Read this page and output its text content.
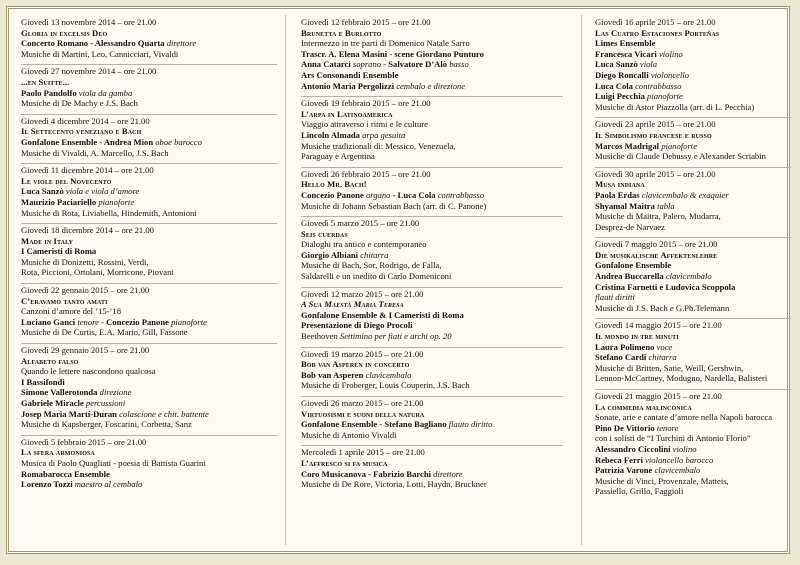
Giovedì 13 novembre 2014 – ore 21.00
Gloria in excelsis Deo
Concerto Romano - Alessandro Quarta direttore
Musiche di Martini, Leo, Cannicciari, Vivaldi
Giovedì 27 novembre 2014 – ore 21.00
...en Suitte...
Paolo Pandolfo viola da gamba
Musiche di De Machy e J.S. Bach
Giovedì 4 dicembre 2014 – ore 21.00
Il Settecento veneziano e Bach
Gonfalone Ensemble - Andrea Mion oboe barocco
Musiche di Vivaldi, A. Marcello, J.S. Bach
Giovedì 11 dicembre 2014 – ore 21.00
Le viole del Novecento
Luca Sanzò viola e viola d’amore
Maurizio Paciariello pianoforte
Musiche di Rota, Liviabella, Hindemith, Antonioni
Giovedì 18 dicembre 2014 – ore 21.00
Made in Italy
I Cameristi di Roma
Musiche di Donizetti, Rossini, Verdi,
Rota, Piccioni, Ortolani, Morricone, Piovani
Giovedì 22 gennaio 2015 – ore 21.00
C’eravamo tanto amati
Canzoni d’amore del ’15-’18
Luciano Ganci tenore - Concezio Panone pianoforte
Musiche di De Curtis, E.A. Mario, Gill, Fassone
Giovedì 29 gennaio 2015 – ore 21.00
Alfabeto falso
Quando le lettere nascondono qualcosa
I Bassifondi
Simone Vallerotonda direzione
Gabriele Miracle percussioni
Josep Maria Martí-Duran colascione e chit. battente
Musiche di Kapsberger, Foscarini, Corbetta, Sanz
Giovedì 5 febbraio 2015 – ore 21.00
La sfera armoniosa
Musica di Paolo Quagliati - poesia di Battista Guarini
Romabarocca Ensemble
Lorenzo Tozzi maestro al cembalo
Giovedì 12 febbraio 2015 – ore 21.00
Brunetta e Burlotto
Intermezzo in tre parti di Domenico Natale Sarro
Trascr. A. Elena Masini - scene Giordano Punturo
Anna Catarci soprano - Salvatore D’Alò basso
Ars Consonandi Ensemble
Antonio Maria Pergolizzi cembalo e direzione
Giovedì 19 febbraio 2015 – ore 21.00
L’arpa in Latinoamerica
Viaggio attraverso i ritmi e le culture
Lincoln Almada arpa gesuita
Musiche tradizionali di: Messico, Venezuela,
Paraguay e Argentina
Giovedì 26 febbraio 2015 – ore 21.00
Hello Mr. Bach!
Concezio Panone organo - Luca Cola contrabbasso
Musiche di Johann Sebastian Bach (arr. di C. Panone)
Giovedì 5 marzo 2015 – ore 21.00
Seis cuerdas
Dialoghi tra antico e contemporaneo
Giorgio Albiani chitarra
Musiche di Bach, Sor, Rodrigo, de Falla,
Saldarelli e un inedito di Carlo Domeniconi
Giovedì 12 marzo 2015 – ore 21.00
A Sua Maestà Maria Teresa
Gonfalone Ensemble & I Cameristi di Roma
Presentazione di Diego Procoli
Beethoven Settimino per fiati e archi op. 20
Giovedì 19 marzo 2015 – ore 21.00
Bob van Asperen in concerto
Bob van Asperen clavicembalo
Musiche di Froberger, Louis Couperin, J.S. Bach
Giovedì 26 marzo 2015 – ore 21.00
Virtuosismi e suoni della natura
Gonfalone Ensemble - Stefano Bagliano flauto diritto
Musiche di Antonio Vivaldi
Mercoledì 1 aprile 2015 – ore 21.00
L’affresco si fa musica
Coro Musicanova - Fabrizio Barchi direttore
Musiche di De Rore, Victoria, Lotti, Haydn, Bruckner
Giovedì 16 aprile 2015 – ore 21.00
Las Cuatro Estaciones Porteñas
Limes Ensemble
Francesca Vicari violino
Luca Sanzò viola
Diego Roncalli violoncello
Luca Cola contrabbasso
Luigi Pecchia pianoforte
Musiche di Astor Piazzolla (arr. di L. Pecchia)
Giovedì 23 aprile 2015 – ore 21.00
Il Simbolismo francese e russo
Marcos Madrigal pianoforte
Musiche di Claude Debussy e Alexander Scriabin
Giovedì 30 aprile 2015 – ore 21.00
Musa indiana
Paola Erdas clavicembalo & exaquier
Shyamal Maitra tabla
Musiche di Maitra, Palero, Mudarra,
Desprez-de Narvaez
Giovedì 7 maggio 2015 – ore 21.00
Die musikalische Affektenlehre
Gonfalone Ensemble
Andrea Buccarella clavicembalo
Cristina Farnetti e Ludovica Scoppola
flauti diritti
Musiche di J.S. Bach e G.Ph.Telemann
Giovedì 14 maggio 2015 – ore 21.00
Il mondo in tre minuti
Laura Polimeno voce
Stefano Cardi chitarra
Musiche di Britten, Satie, Weill, Gershwin,
Lennon-McCartney, Modugno, Nardella, Balisteri
Giovedì 21 maggio 2015 – ore 21.00
La commedia malinconica
Sonate, arie e cantate d’amore nella Napoli barocca
Pino De Vittorio tenore
con i solisti de “I Turchini di Antonio Florio”
Alessandro Ciccolini violino
Rebeca Ferri violoncello barocco
Patrizia Varone clavicembalo
Musiche di Vinci, Provenzale, Matteis,
Passiello, Grillo, Faggioli
